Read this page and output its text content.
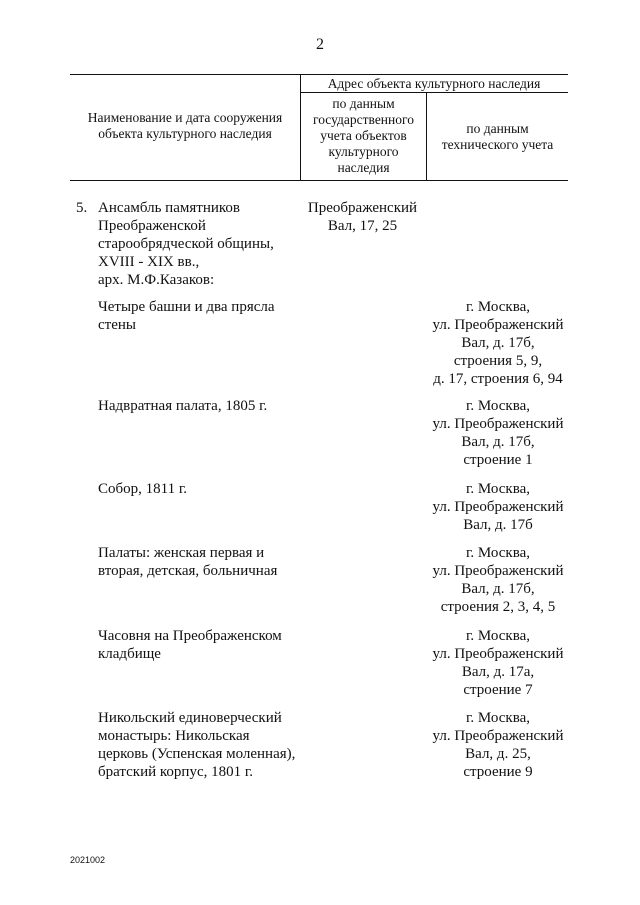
2
Наименование и дата сооружения
объекта культурного наследия
Адрес объекта культурного наследия
по данным
государственного
учета объектов
культурного
наследия
по данным
технического учета
5. Ансамбль памятников
Преображенской
старообрядческой общины,
XVIII - XIX вв.,
арх. М.Ф.Казаков:
Преображенский
Вал, 17, 25
Четыре башни и два прясла
стены
г. Москва,
ул. Преображенский
Вал, д. 17б,
строения 5, 9,
д. 17, строения 6, 94
Надвратная палата, 1805 г.	г. Москва,
ул. Преображенский
Вал, д. 17б,
строение 1
Собор, 1811 г.	г. Москва,
ул. Преображенский
Вал, д. 17б
Палаты: женская первая и
вторая, детская, больничная
г. Москва,
ул. Преображенский
Вал, д. 17б,
строения 2, 3, 4, 5
Часовня на Преображенском
кладбище
г. Москва,
ул. Преображенский
Вал, д. 17а,
строение 7
Никольский единоверческий
монастырь: Никольская
церковь (Успенская моленная),
братский корпус, 1801 г.
г. Москва,
ул. Преображенский
Вал, д. 25,
строение 9
2021002
